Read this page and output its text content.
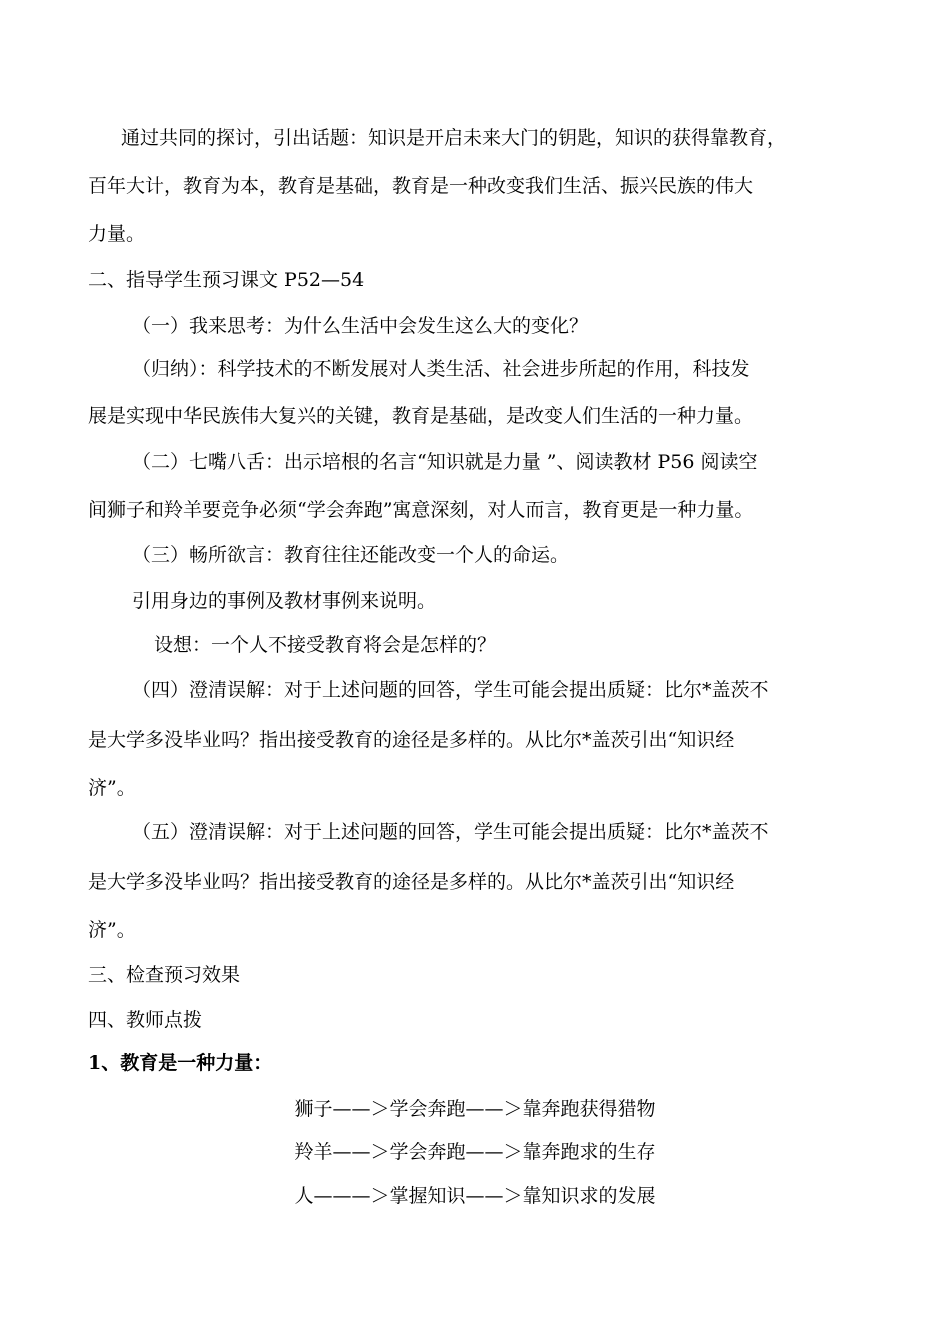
通过共同的探讨，引出话题：知识是开启未来大门的钥匙，知识的获得靠教育，
百年大计，教育为本，教育是基础，教育是一种改变我们生活、振兴民族的伟大
力量。
二、指导学生预习课文 P52—54
（一）我来思考：为什么生活中会发生这么大的变化？
（归纳）：科学技术的不断发展对人类生活、社会进步所起的作用，科技发
展是实现中华民族伟大复兴的关键，教育是基础，是改变人们生活的一种力量。
（二）七嘴八舌：出示培根的名言“知识就是力量 ”、阅读教材 P56 阅读空
间狮子和羚羊要竞争必须“学会奔跑”寓意深刻，对人而言，教育更是一种力量。
（三）畅所欲言：教育往往还能改变一个人的命运。
引用身边的事例及教材事例来说明。
设想：一个人不接受教育将会是怎样的？
（四）澄清误解：对于上述问题的回答，学生可能会提出质疑：比尔*盖茨不
是大学多没毕业吗？指出接受教育的途径是多样的。从比尔*盖茨引出“知识经
济”。
（五）澄清误解：对于上述问题的回答，学生可能会提出质疑：比尔*盖茨不
是大学多没毕业吗？指出接受教育的途径是多样的。从比尔*盖茨引出“知识经
济”。
三、检查预习效果
四、教师点拨
1、教育是一种力量：
狮子——＞学会奔跑——＞靠奔跑获得猎物
羚羊——＞学会奔跑——＞靠奔跑求的生存
人———＞掌握知识——＞靠知识求的发展
